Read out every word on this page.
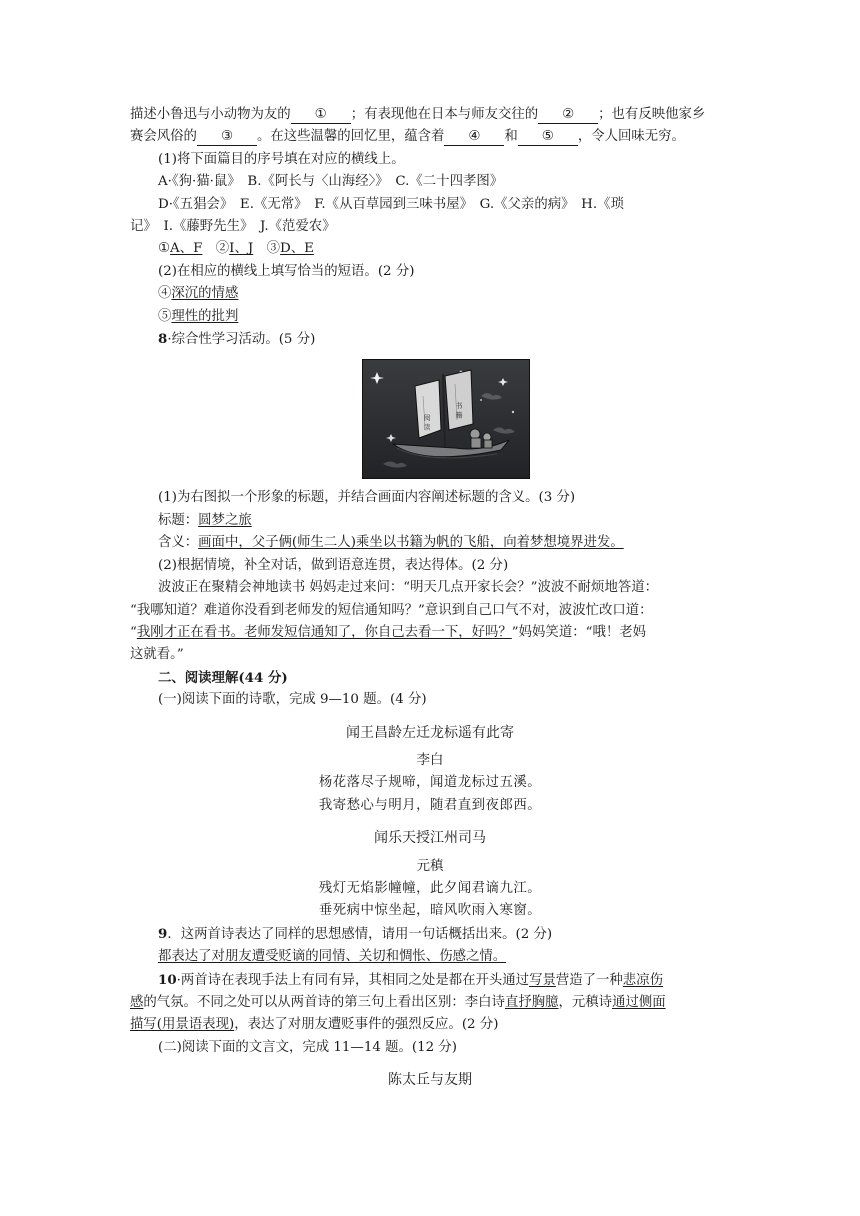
描述小鲁迅与小动物为友的 ① ；有表现他在日本与师友交往的 ② ；也有反映他家乡
赛会风俗的 ③ 。在这些温馨的回忆里，蕴含着 ④ 和 ⑤ ，令人回味无穷。
(1)将下面篇目的序号填在对应的横线上。
A·《狗·猫·鼠》　B.《阿长与〈山海经〉》　C.《二十四孝图》
D·《五猖会》　E.《无常》　F.《从百草园到三味书屋》　G.《父亲的病》　H.《琐
记》　I.《藤野先生》　J.《范爱农》
①A、F　 ②I、J　 ③D、E
(2)在相应的横线上填写恰当的短语。(2 分)
④深沉的情感
⑤理性的批判
8·综合性学习活动。(5 分)
阅 读
书 籍
(1)为右图拟一个形象的标题，并结合画面内容阐述标题的含义。(3 分)
标题：圆梦之旅
含义：画面中，父子俩(师生二人)乘坐以书籍为帆的飞船，向着梦想境界进发。
(2)根据情境，补全对话，做到语意连贯，表达得体。(2 分)
波波正在聚精会神地读书 妈妈走过来问：“明天几点开家长会？”波波不耐烦地答道：
“我哪知道？难道你没看到老师发的短信通知吗？”意识到自己口气不对，波波忙改口道：
“我刚才正在看书。老师发短信通知了，你自己去看一下，好吗？”妈妈笑道：“哦！老妈
这就看。”
二、阅读理解(44 分)
(一)阅读下面的诗歌，完成 9—10 题。(4 分)
闻王昌龄左迁龙标遥有此寄
李白
杨花落尽子规啼，闻道龙标过五溪。
我寄愁心与明月，随君直到夜郎西。
闻乐天授江州司马
元稹
残灯无焰影幢幢，此夕闻君谪九江。
垂死病中惊坐起，暗风吹雨入寒窗。
9．这两首诗表达了同样的思想感情，请用一句话概括出来。(2 分)
都表达了对朋友遭受贬谪的同情、关切和惆怅、伤感之情。
10·两首诗在表现手法上有同有异，其相同之处是都在开头通过写景营造了一种悲凉伤
感的气氛。不同之处可以从两首诗的第三句上看出区别：李白诗直抒胸臆，元稹诗通过侧面
描写(用景语表现)，表达了对朋友遭贬事件的强烈反应。(2 分)
(二)阅读下面的文言文，完成 11—14 题。(12 分)
陈太丘与友期
